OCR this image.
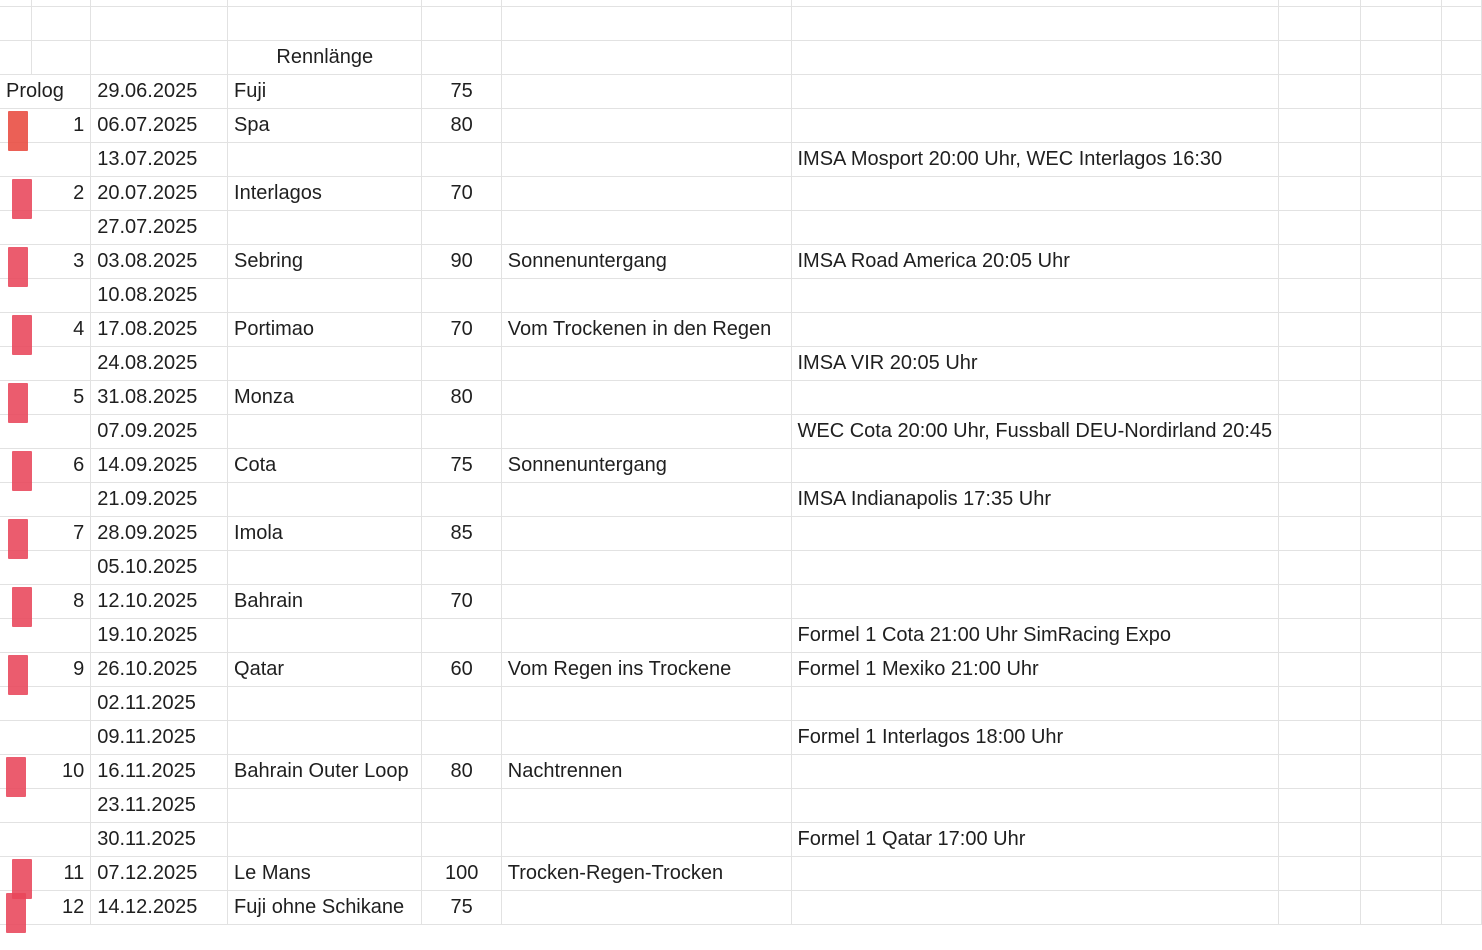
			Rennlänge						
Prolog		29.06.2025	Fuji	75					

1		06.07.2025	Spa	80					
		13.07.2025				IMSA Mosport 20:00 Uhr, WEC Interlagos 16:30			

2		20.07.2025	Interlagos	70					
		27.07.2025							

3		03.08.2025	Sebring	90	Sonnenuntergang	IMSA Road America 20:05 Uhr			
		10.08.2025							

4		17.08.2025	Portimao	70	Vom Trockenen in den Regen				
		24.08.2025				IMSA VIR 20:05 Uhr			

5		31.08.2025	Monza	80					
		07.09.2025				WEC Cota 20:00 Uhr, Fussball DEU-Nordirland 20:45			

6		14.09.2025	Cota	75	Sonnenuntergang				
		21.09.2025				IMSA Indianapolis 17:35 Uhr			

7		28.09.2025	Imola	85					
		05.10.2025							

8		12.10.2025	Bahrain	70					
		19.10.2025				Formel 1 Cota 21:00 Uhr SimRacing Expo			

9		26.10.2025	Qatar	60	Vom Regen ins Trockene	Formel 1 Mexiko 21:00 Uhr			
		02.11.2025							
		09.11.2025				Formel 1 Interlagos 18:00 Uhr			

10		16.11.2025	Bahrain Outer Loop	80	Nachtrennen				
		23.11.2025							
		30.11.2025				Formel 1 Qatar 17:00 Uhr			

11		07.12.2025	Le Mans	100	Trocken-Regen-Trocken				

12		14.12.2025	Fuji ohne Schikane	75					
